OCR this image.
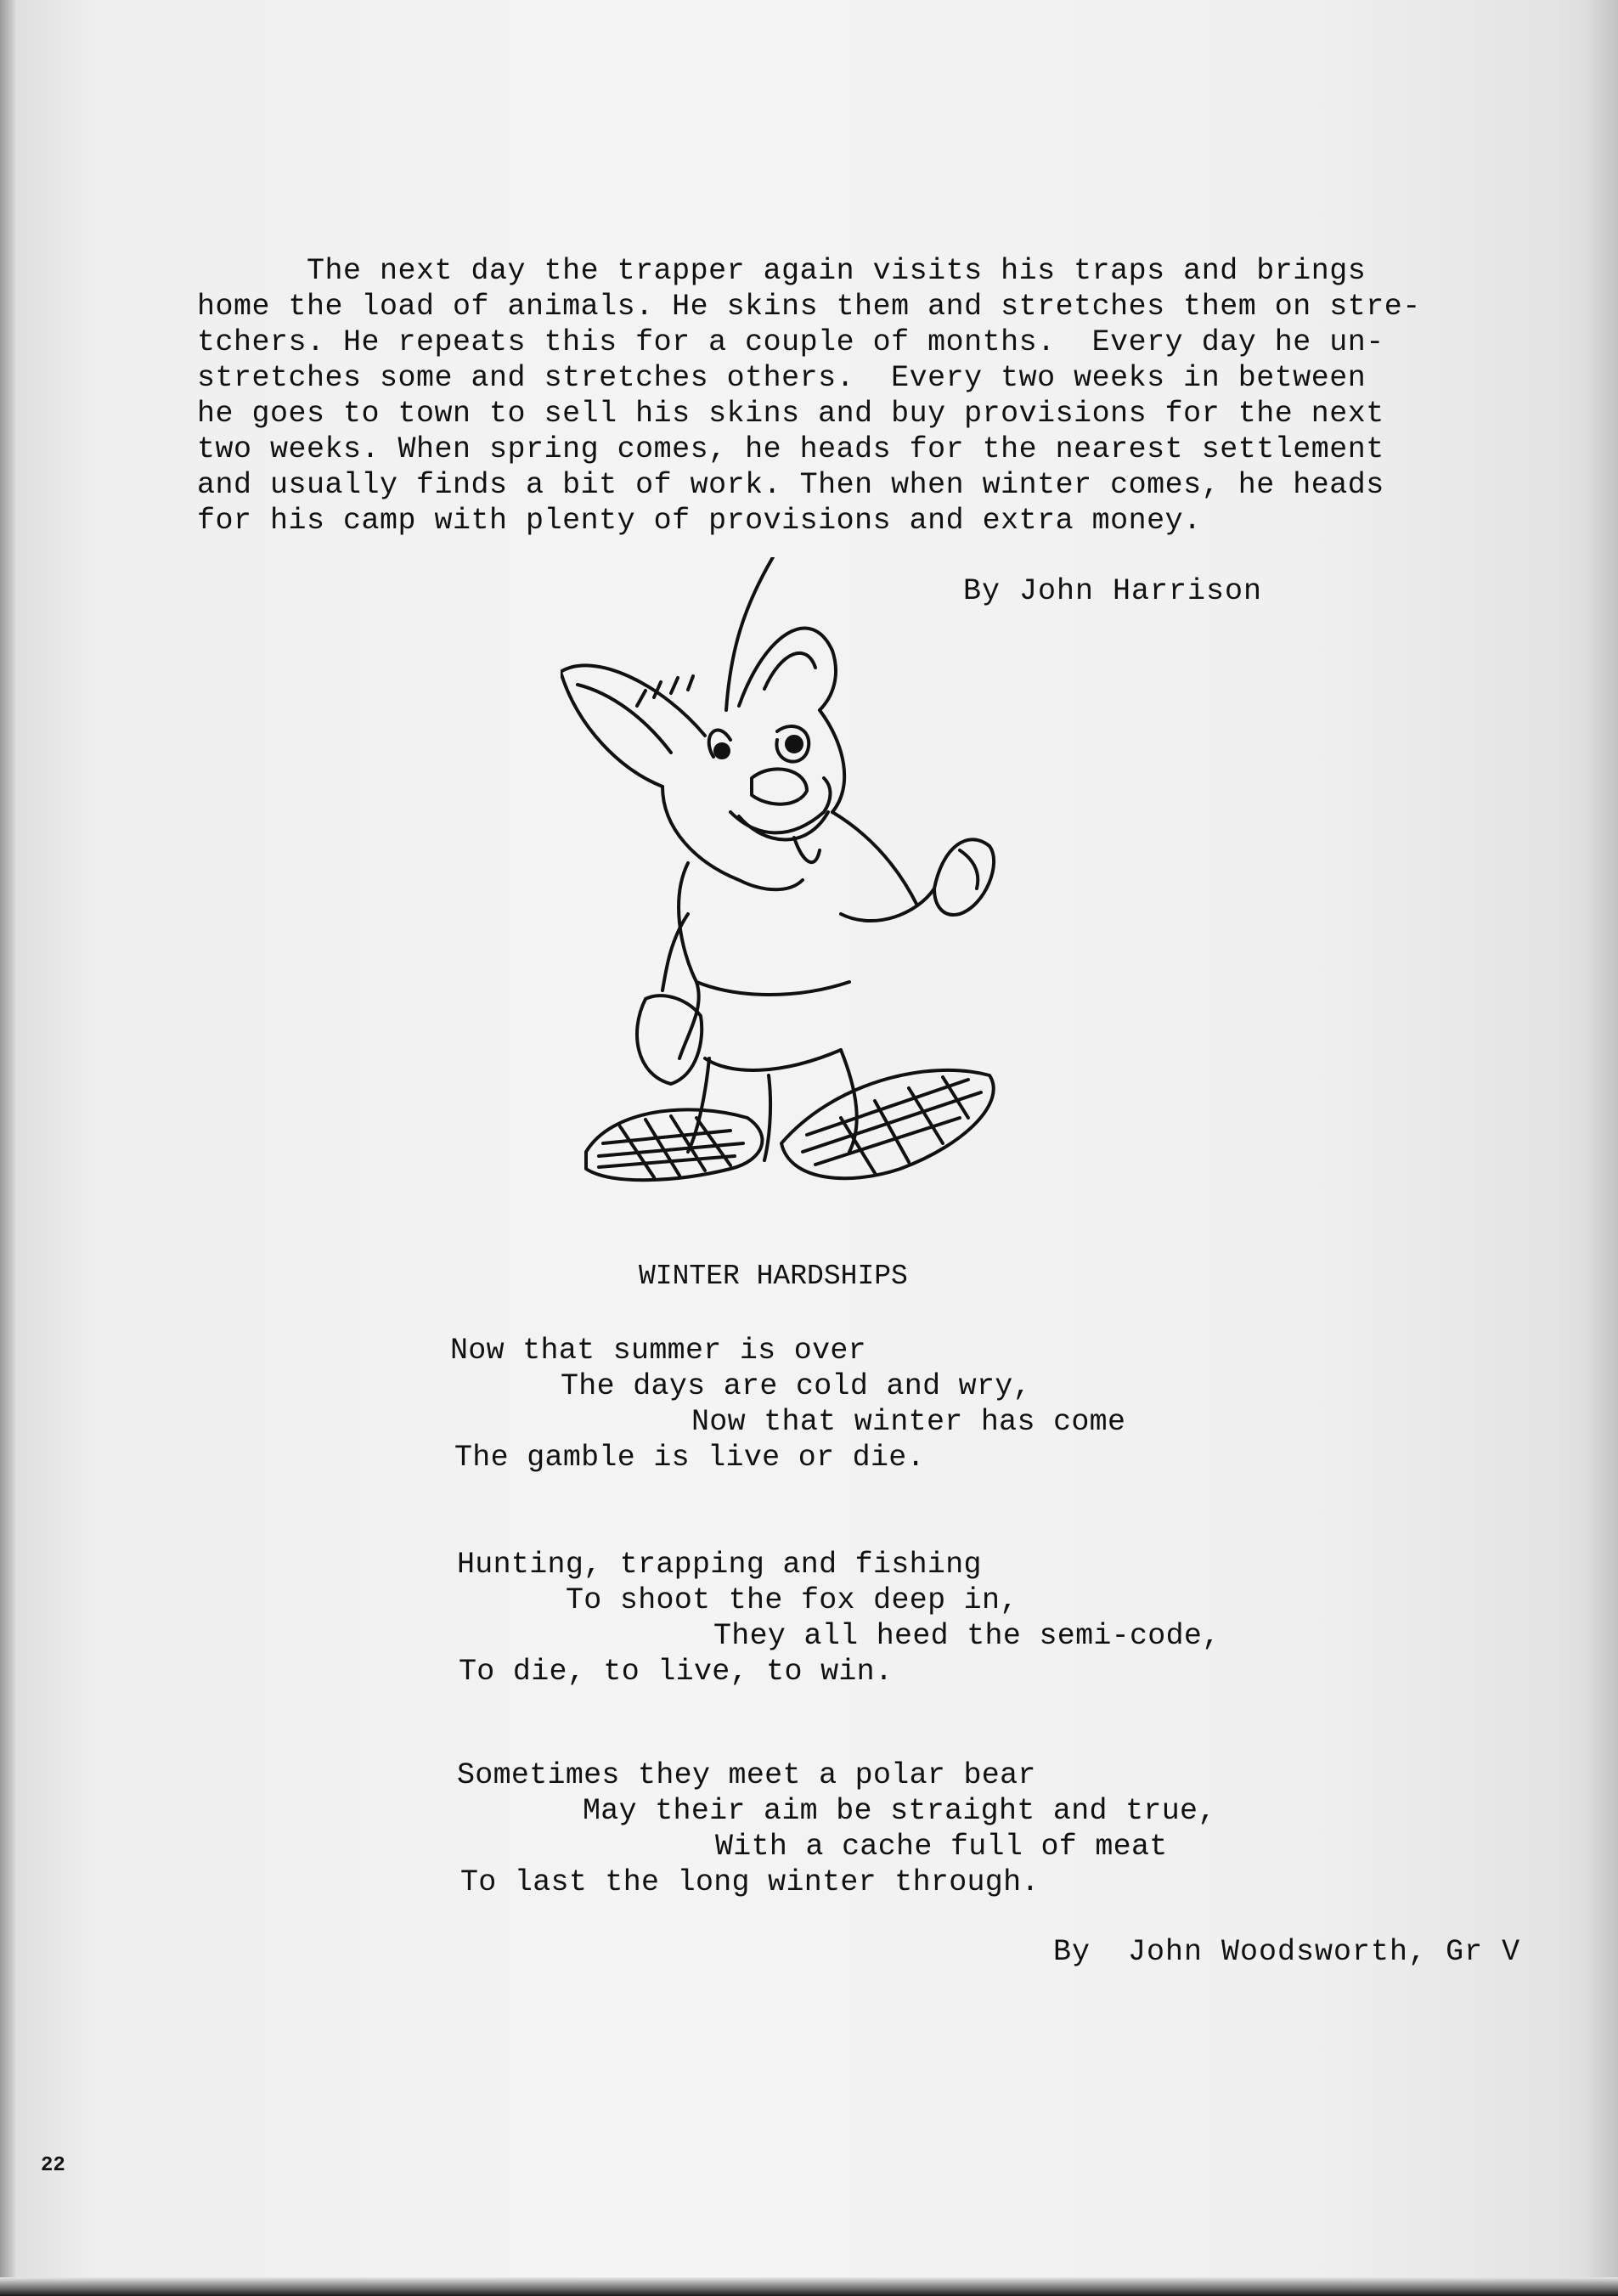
The next day the trapper again visits his traps and brings
home the load of animals. He skins them and stretches them on stre-
tchers. He repeats this for a couple of months.  Every day he un-
stretches some and stretches others.  Every two weeks in between
he goes to town to sell his skins and buy provisions for the next
two weeks. When spring comes, he heads for the nearest settlement
and usually finds a bit of work. Then when winter comes, he heads
for his camp with plenty of provisions and extra money.
By John Harrison
WINTER HARDSHIPS
Now that summer is over
The days are cold and wry,
Now that winter has come
The gamble is live or die.
Hunting, trapping and fishing
To shoot the fox deep in,
They all heed the semi-code,
To die, to live, to win.
Sometimes they meet a polar bear
May their aim be straight and true,
With a cache full of meat
To last the long winter through.
By  John Woodsworth, Gr V
22
